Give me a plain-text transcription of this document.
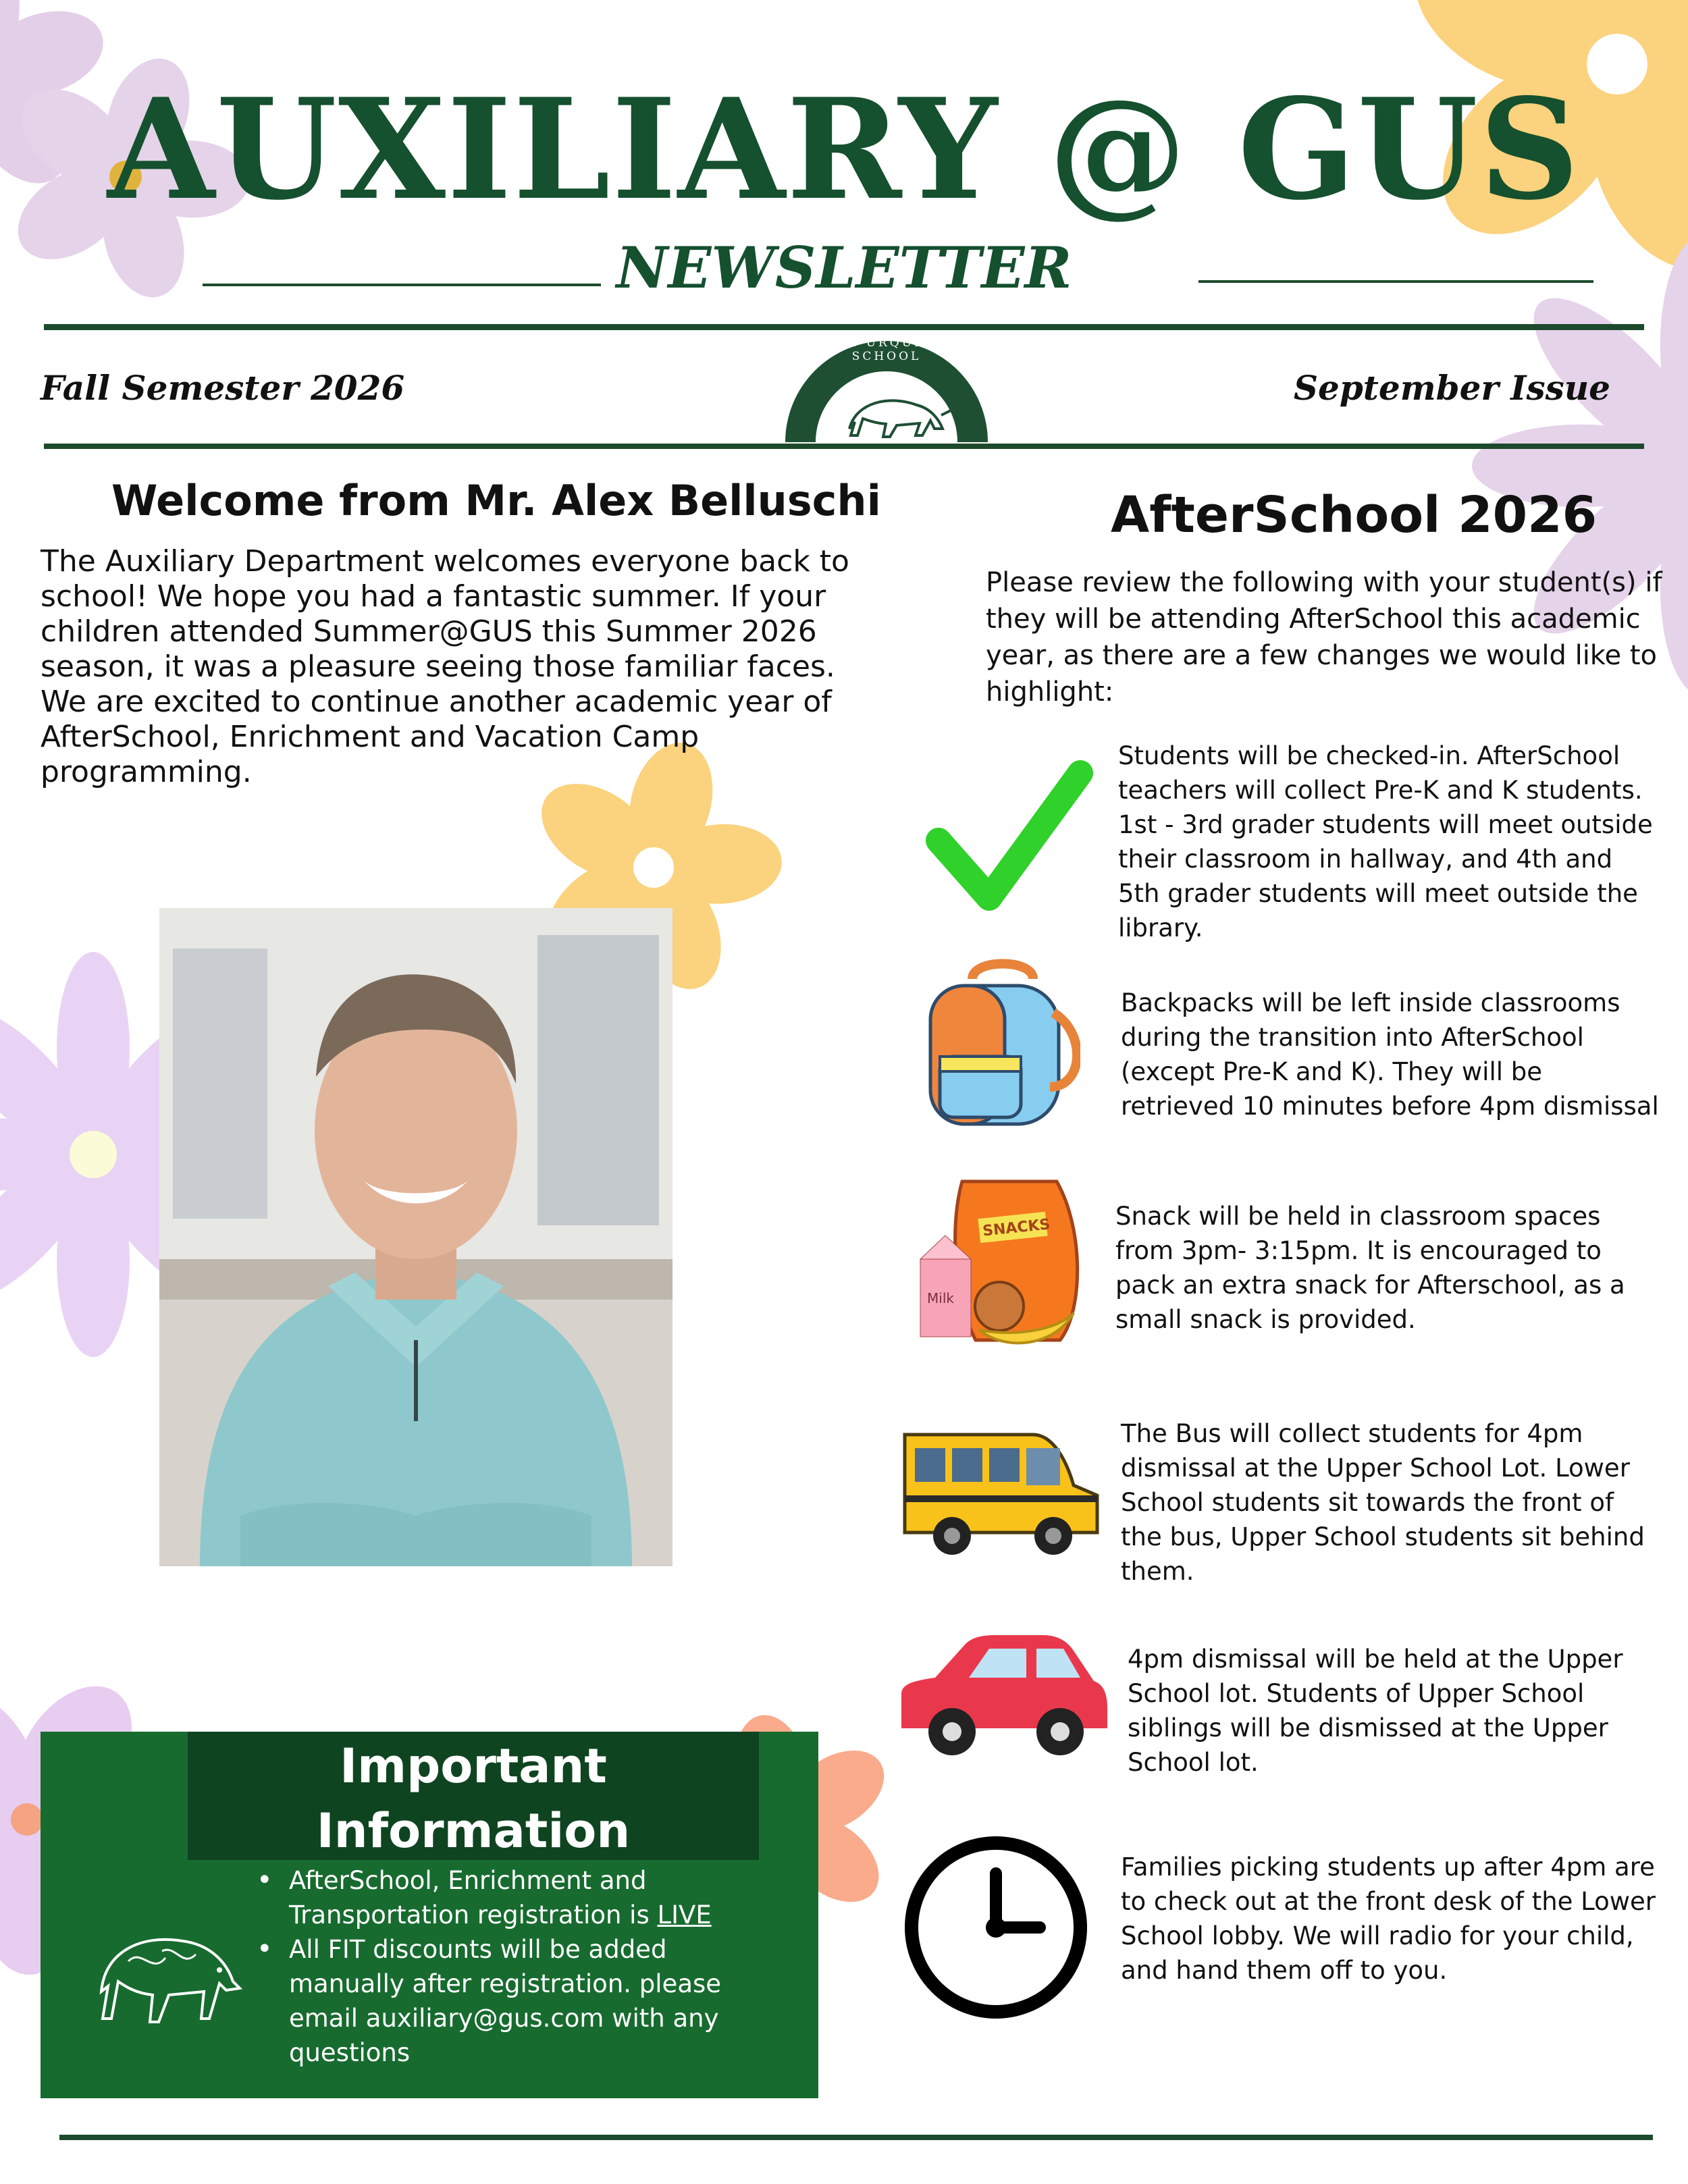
AUXILIARY @ GUS
NEWSLETTER
Fall Semester 2026
GLEN URQUHART SCHOOL
September Issue
Welcome from Mr. Alex Belluschi
The Auxiliary Department welcomes everyone back to school! We hope you had a fantastic summer. If your children attended Summer@GUS this Summer 2026 season, it was a pleasure seeing those familiar faces. We are excited to continue another academic year of AfterSchool, Enrichment and Vacation Camp programming.
AfterSchool 2026
Please review the following with your student(s) if they will be attending AfterSchool this academic year, as there are a few changes we would like to highlight:
Students will be checked-in. AfterSchool teachers will collect Pre-K and K students. 1st - 3rd grader students will meet outside their classroom in hallway, and 4th and 5th grader students will meet outside the library.
Backpacks will be left inside classrooms during the transition into AfterSchool (except Pre-K and K). They will be retrieved 10 minutes before 4pm dismissal
SNACKS
Milk
Snack will be held in classroom spaces from 3pm- 3:15pm. It is encouraged to pack an extra snack for Afterschool, as a small snack is provided.
The Bus will collect students for 4pm dismissal at the Upper School Lot. Lower School students sit towards the front of the bus, Upper School students sit behind them.
4pm dismissal will be held at the Upper School lot. Students of Upper School siblings will be dismissed at the Upper School lot.
Families picking students up after 4pm are to check out at the front desk of the Lower School lobby. We will radio for your child, and hand them off to you.
Important
Information
• AfterSchool, Enrichment and Transportation registration is LIVE
• All FIT discounts will be added manually after registration. please email auxiliary@gus.com with any questions
